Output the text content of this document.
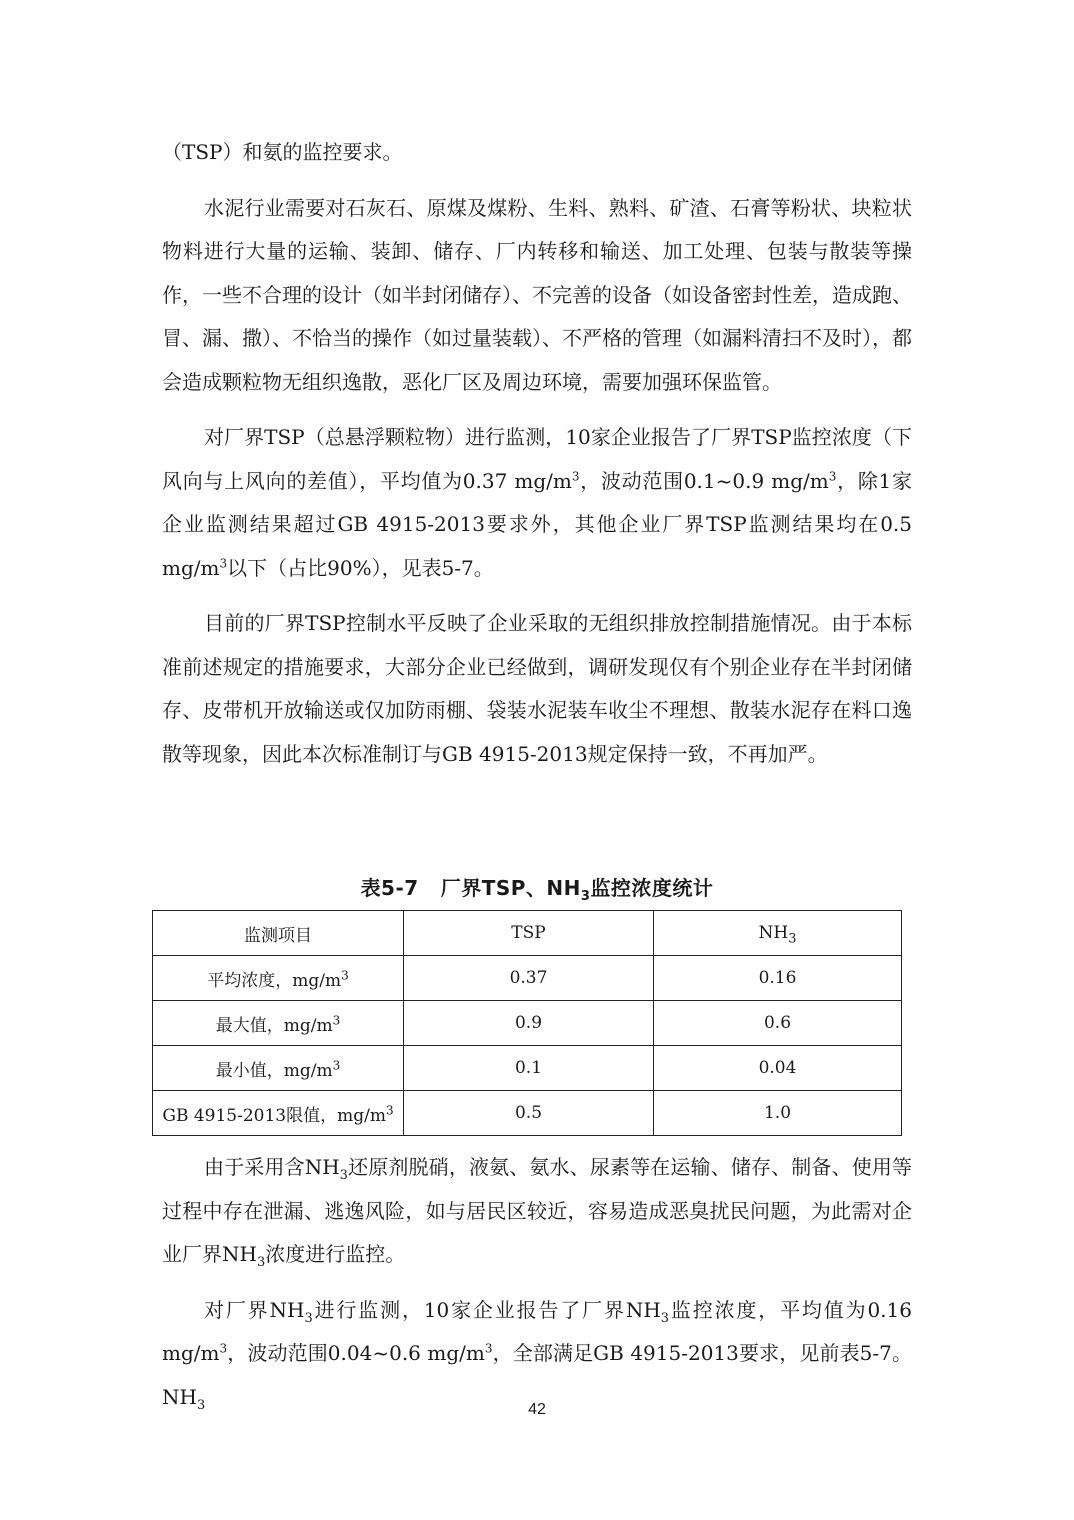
（TSP）和氨的监控要求。

水泥行业需要对石灰石、原煤及煤粉、生料、熟料、矿渣、石膏等粉状、块粒状物料进行大量的运输、装卸、储存、厂内转移和输送、加工处理、包装与散装等操作，一些不合理的设计（如半封闭储存）、不完善的设备（如设备密封性差，造成跑、冒、漏、撒）、不恰当的操作（如过量装载）、不严格的管理（如漏料清扫不及时），都会造成颗粒物无组织逸散，恶化厂区及周边环境，需要加强环保监管。

对厂界TSP（总悬浮颗粒物）进行监测，10家企业报告了厂界TSP监控浓度（下风向与上风向的差值），平均值为0.37 $mg/m^3$，波动范围0.1~0.9 $mg/m^3$，除1家企业监测结果超过GB 4915-2013要求外，其他企业厂界TSP监测结果均在0.5 $mg/m^3$以下（占比90%），见表5-7。

目前的厂界TSP控制水平反映了企业采取的无组织排放控制措施情况。由于本标准前述规定的措施要求，大部分企业已经做到，调研发现仅有个别企业存在半封闭储存、皮带机开放输送或仅加防雨棚、袋装水泥装车收尘不理想、散装水泥存在料口逸散等现象，因此本次标准制订与GB 4915-2013规定保持一致，不再加严。

表5-7 厂界TSP、$NH_3$监控浓度统计
监测项目	TSP	$NH_3$
平均浓度，$mg/m^3$	0.37	0.16
最大值，$mg/m^3$	0.9	0.6
最小值，$mg/m^3$	0.1	0.04
GB 4915-2013限值，$mg/m^3$	0.5	1.0

由于采用含$NH_3$还原剂脱硝，液氨、氨水、尿素等在运输、储存、制备、使用等过程中存在泄漏、逃逸风险，如与居民区较近，容易造成恶臭扰民问题，为此需对企业厂界$NH_3$浓度进行监控。

对厂界$NH_3$进行监测，10家企业报告了厂界$NH_3$监控浓度，平均值为0.16 $mg/m^3$，波动范围0.04~0.6 $mg/m^3$，全部满足GB 4915-2013要求，见前表5-7。$NH_3$	42
